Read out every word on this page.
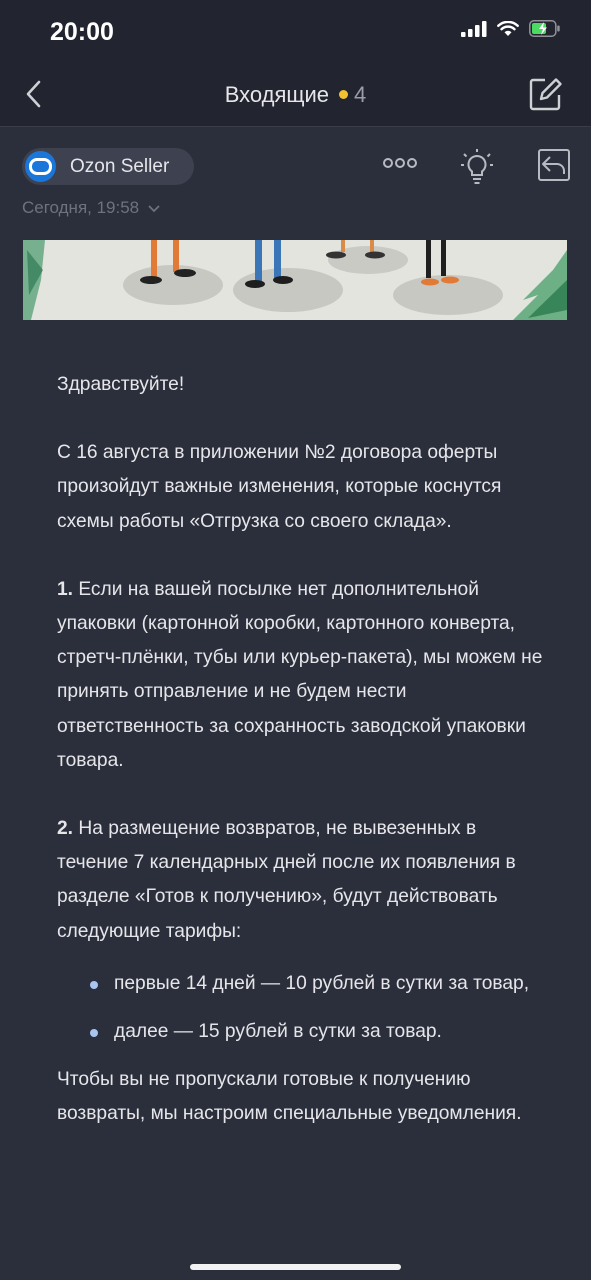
20:00
Входящие 4
Ozon Seller
Сегодня, 19:58

Здравствуйте!

С 16 августа в приложении №2 договора оферты произойдут важные изменения, которые коснутся схемы работы «Отгрузка со своего склада».

1. Если на вашей посылке нет дополнительной упаковки (картонной коробки, картонного конверта, стретч-плёнки, тубы или курьер-пакета), мы можем не принять отправление и не будем нести ответственность за сохранность заводской упаковки товара.

2. На размещение возвратов, не вывезенных в течение 7 календарных дней после их появления в разделе «Готов к получению», будут действовать следующие тарифы:

первые 14 дней — 10 рублей в сутки за товар,
далее — 15 рублей в сутки за товар.

Чтобы вы не пропускали готовые к получению возвраты, мы настроим специальные уведомления.
